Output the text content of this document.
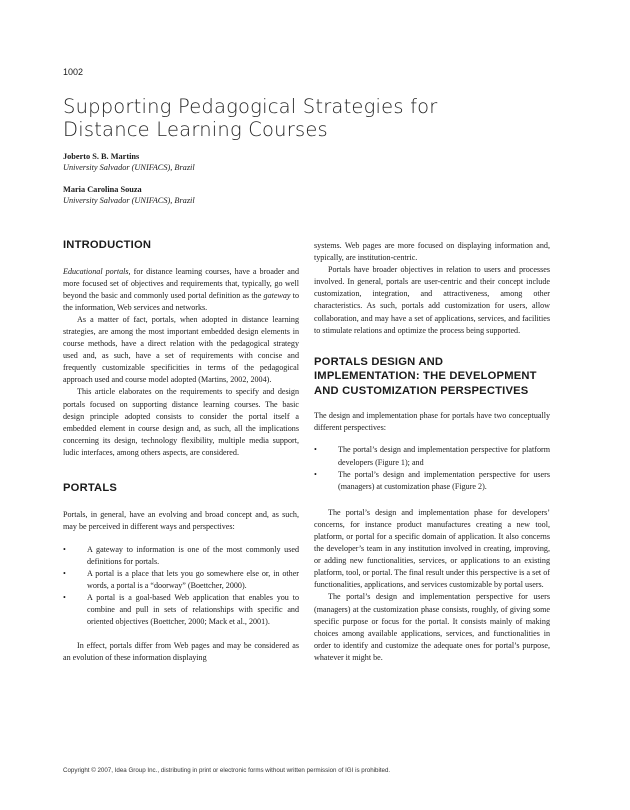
1002
Supporting Pedagogical Strategies for
Distance Learning Courses
Joberto S. B. Martins
University Salvador (UNIFACS), Brazil
Maria Carolina Souza
University Salvador (UNIFACS), Brazil
INTRODUCTION

Educational portals, for distance learning courses, have a broader and more focused set of objectives and requirements that, typically, go well beyond the basic and commonly used portal definition as the gateway to the information, Web services and networks.

As a matter of fact, portals, when adopted in distance learning strategies, are among the most important embedded design elements in course methods, have a direct relation with the pedagogical strategy used and, as such, have a set of requirements with concise and frequently customizable specificities in terms of the pedagogical approach used and course model adopted (Martins, 2002, 2004).

This article elaborates on the requirements to specify and design portals focused on supporting distance learning courses. The basic design principle adopted consists to consider the portal itself a embedded element in course design and, as such, all the implications concerning its design, technology flexibility, multiple media support, ludic interfaces, among others aspects, are considered.

PORTALS

Portals, in general, have an evolving and broad concept and, as such, may be perceived in different ways and perspectives:

•	A gateway to information is one of the most commonly used definitions for portals.
•	A portal is a place that lets you go somewhere else or, in other words, a portal is a “doorway” (Boettcher, 2000).
•	A portal is a goal-based Web application that enables you to combine and pull in sets of relationships with specific and oriented objectives (Boettcher, 2000; Mack et al., 2001).

In effect, portals differ from Web pages and may be considered as an evolution of these information displaying

systems. Web pages are more focused on displaying information and, typically, are institution-centric.

Portals have broader objectives in relation to users and processes involved. In general, portals are user-centric and their concept include customization, integration, and attractiveness, among other characteristics. As such, portals add customization for users, allow collaboration, and may have a set of applications, services, and facilities to stimulate relations and optimize the process being supported.

PORTALS DESIGN AND IMPLEMENTATION: THE DEVELOPMENT AND CUSTOMIZATION PERSPECTIVES

The design and implementation phase for portals have two conceptually different perspectives:

•	The portal’s design and implementation perspective for platform developers (Figure 1); and
•	The portal’s design and implementation perspective for users (managers) at customization phase (Figure 2).

The portal’s design and implementation phase for developers’ concerns, for instance product manufactures creating a new tool, platform, or portal for a specific domain of application. It also concerns the developer’s team in any institution involved in creating, improving, or adding new functionalities, services, or applications to an existing platform, tool, or portal. The final result under this perspective is a set of functionalities, applications, and services customizable by portal users.

The portal’s design and implementation perspective for users (managers) at the customization phase consists, roughly, of giving some specific purpose or focus for the portal. It consists mainly of making choices among available applications, services, and functionalities in order to identify and customize the adequate ones for portal’s purpose, whatever it might be.

Copyright © 2007, Idea Group Inc., distributing in print or electronic forms without written permission of IGI is prohibited.
